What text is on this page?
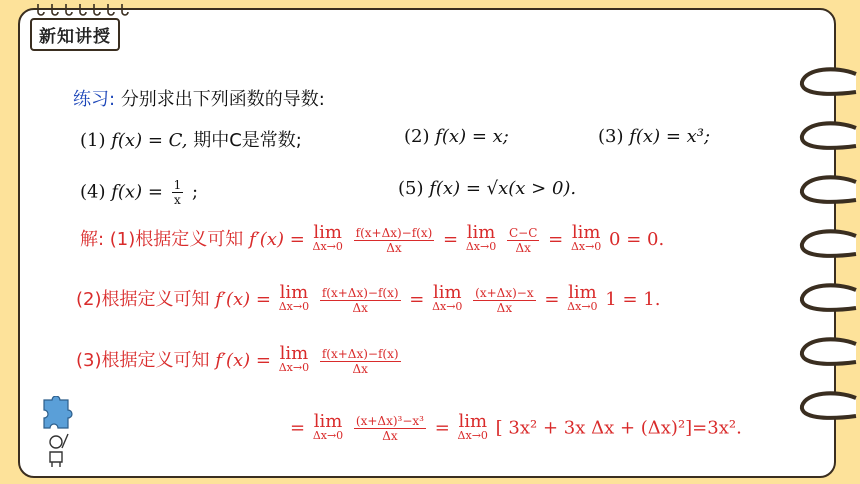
新知讲授
练习: 分别求出下列函数的导数:
(1) f(x) = C, 期中C是常数;	(2) f(x) = x;	(3) f(x) = x³;
(4) $f(x) = \frac{1}{x}$ ;	(5) f(x) = √x(x > 0).
解: (1)根据定义可知 f′(x) = lim
Δx→0
$\frac{f(x+\Delta x)-f(x)}{\Delta x} = \lim$
Δx→0
$\frac{C-C}{\Delta x} = \lim$
Δx→0 0 = 0.
(2)根据定义可知 f′(x) = lim
Δx→0
$\frac{f(x+\Delta x)-f(x)}{\Delta x} = \lim$
Δx→0
$\frac{(x+\Delta x)-x}{\Delta x} = \lim$
Δx→0 1 = 1.
(3)根据定义可知 f′(x) = lim
Δx→0
$\frac{f(x+\Delta x)-f(x)}{\Delta x}$
= lim
Δx→0
$\frac{\text{(x+Δx)³−x³}}{\Delta x} = \lim$
Δx→0 [ 3x² + 3x Δx + (Δx)²]=3x².
